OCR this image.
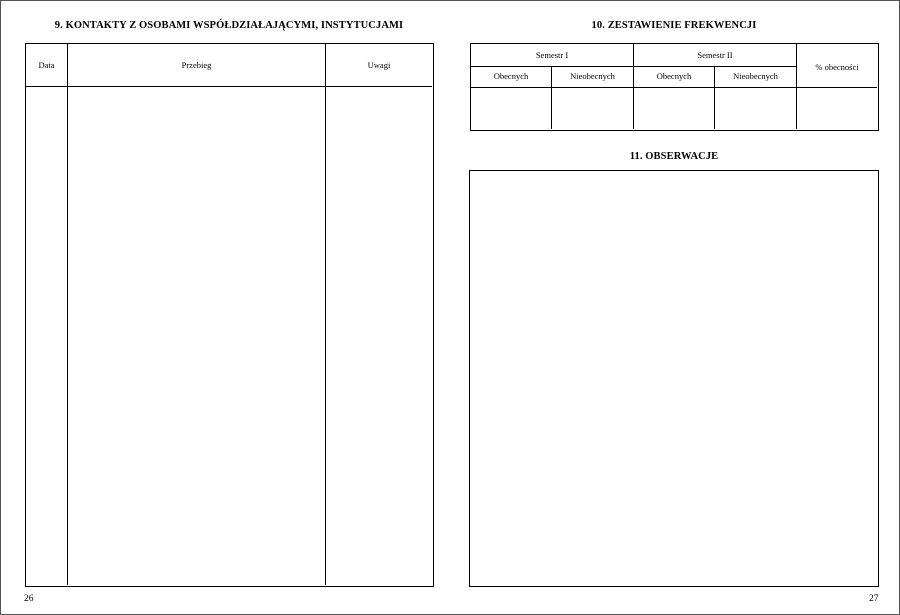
9. KONTAKTY Z OSOBAMI WSPÓŁDZIAŁAJĄCYMI, INSTYTUCJAMI
Data	Przebieg	Uwagi
26
10. ZESTAWIENIE FREKWENCJI
Semestr I	Semestr II
% obecności
Obecnych	Nieobecnych	Obecnych	Nieobecnych
11. OBSERWACJE
27
